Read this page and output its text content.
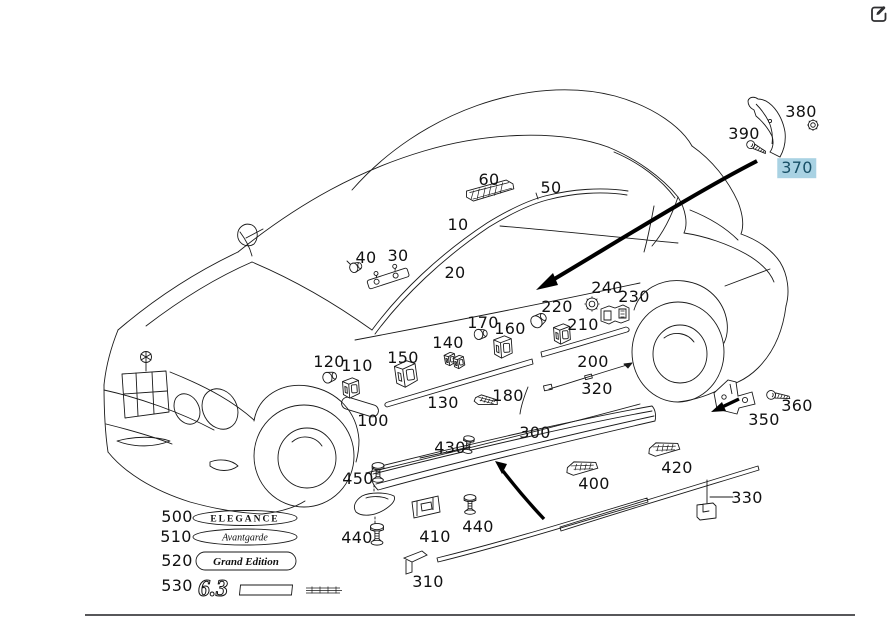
ELEGANCE
Avantgarde
Grand Edition
6.3
10
20
30
40
50
60
100
110
120
130
140
150
160
170
180
200
210
220
230
240
300
310
320
330
350
360
370
380
390
400
410
420
430
440
440
450
500
510
520
530
